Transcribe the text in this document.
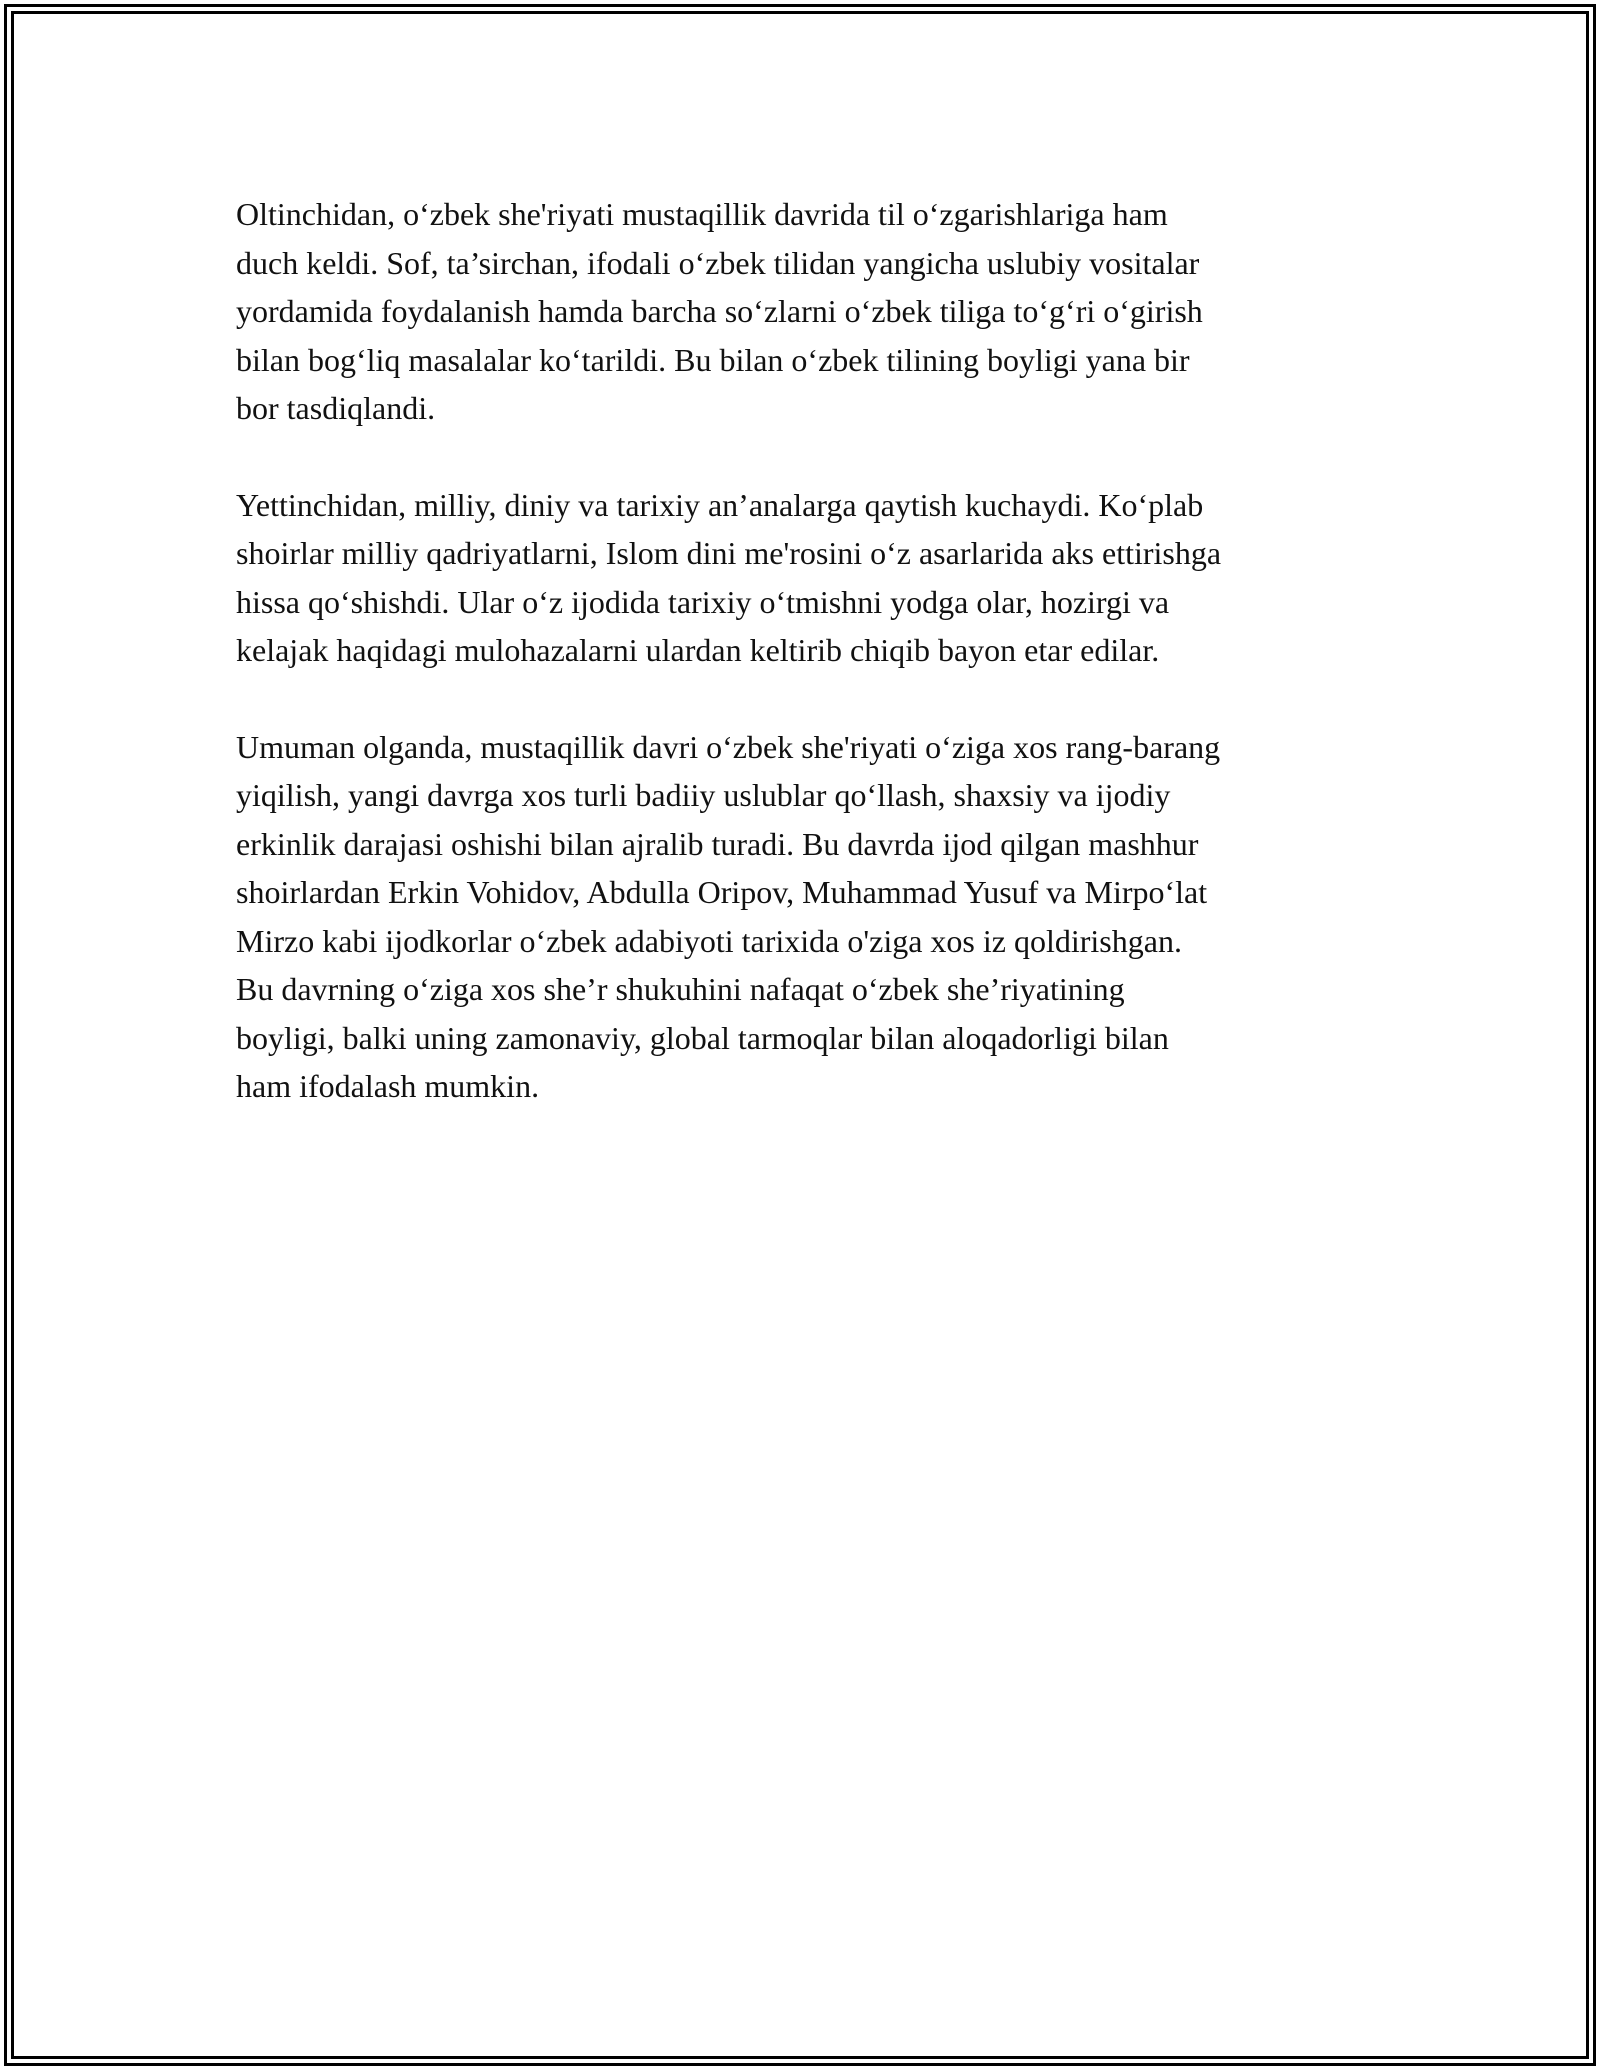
Oltinchidan, o‘zbek she'riyati mustaqillik davrida til o‘zgarishlariga ham
duch keldi. Sof, ta’sirchan, ifodali o‘zbek tilidan yangicha uslubiy vositalar
yordamida foydalanish hamda barcha so‘zlarni o‘zbek tiliga to‘g‘ri o‘girish
bilan bog‘liq masalalar ko‘tarildi. Bu bilan o‘zbek tilining boyligi yana bir
bor tasdiqlandi.

Yettinchidan, milliy, diniy va tarixiy an’analarga qaytish kuchaydi. Ko‘plab
shoirlar milliy qadriyatlarni, Islom dini me'rosini o‘z asarlarida aks ettirishga
hissa qo‘shishdi. Ular o‘z ijodida tarixiy o‘tmishni yodga olar, hozirgi va
kelajak haqidagi mulohazalarni ulardan keltirib chiqib bayon etar edilar.

Umuman olganda, mustaqillik davri o‘zbek she'riyati o‘ziga xos rang-barang
yiqilish, yangi davrga xos turli badiiy uslublar qo‘llash, shaxsiy va ijodiy
erkinlik darajasi oshishi bilan ajralib turadi. Bu davrda ijod qilgan mashhur
shoirlardan Erkin Vohidov, Abdulla Oripov, Muhammad Yusuf va Mirpo‘lat
Mirzo kabi ijodkorlar o‘zbek adabiyoti tarixida o'ziga xos iz qoldirishgan.
Bu davrning o‘ziga xos she’r shukuhini nafaqat o‘zbek she’riyatining
boyligi, balki uning zamonaviy, global tarmoqlar bilan aloqadorligi bilan
ham ifodalash mumkin.
